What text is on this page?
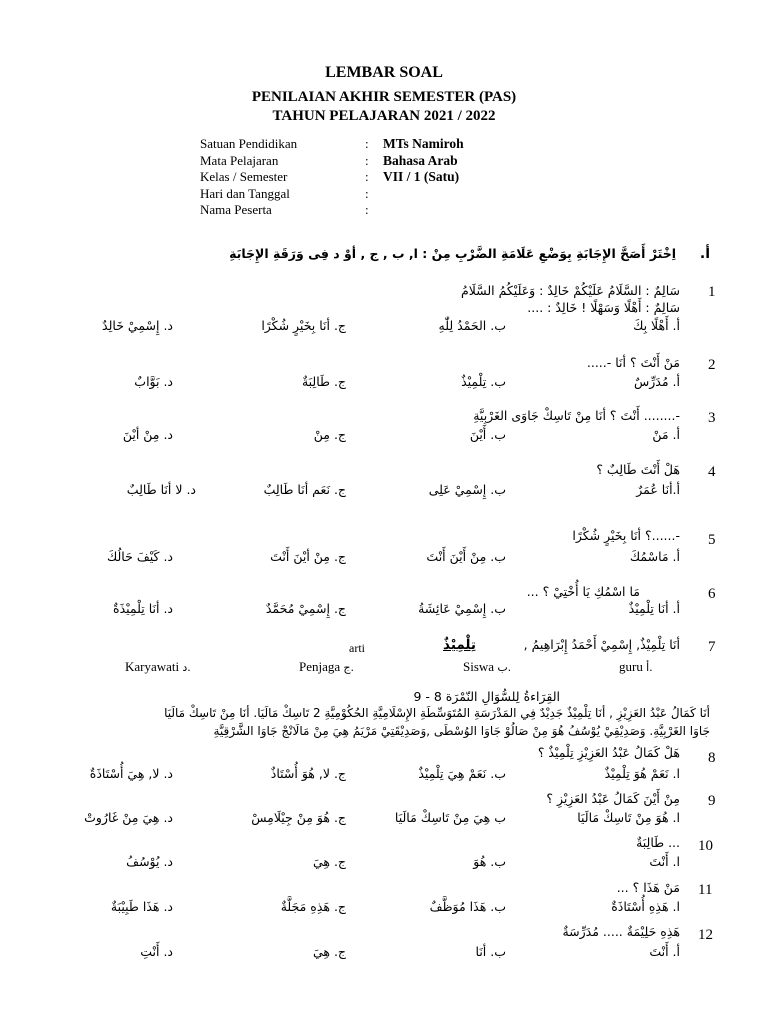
LEMBAR SOAL
PENILAIAN AKHIR SEMESTER (PAS)
TAHUN PELAJARAN 2021 / 2022
Satuan Pendidikan	:	MTs Namiroh
Mata Pelajaran	:	Bahasa Arab
Kelas / Semester	:	VII / 1 (Satu)
Hari dan Tanggal	:
Nama Peserta	:
أ.
اِخْتَرْ أَصَحَّ الإِجَابَةِ بِوَضْعِ عَلَامَةِ الضَّرْبِ مِنْ : ا, ب , ج , أوْ د فِى وَرَقَةِ الإِجَابَةِ
1
سَالِمٌ : السَّلَامُ عَلَيْكُمْ خَالِدٌ : وَعَلَيْكُمُ السَّلَامُ
سَالِمٌ : أَهْلًا وَسَهْلًا ! خَالِدٌ : ....
أ. أَهْلًا بِكَ
ب. الحَمْدُ لِلّٰهِ
ج. أنَا بِخَيْرٍ شُكْرًا
د. إِسْمِيْ خَالِدٌ
2
مَنْ أَنْتَ ؟ أنَا -.....
أ. مُدَرِّسٌ
ب. تِلْمِيْذٌ
ج. طَالِبَةٌ
د. بَوَّابٌ
3
-........ أَنْتَ ؟ أنَا مِنْ تَاسِكْ جَاوَى الغَرْبِيَّةِ
أ. مَنْ
ب. أَيْنَ
ج. مِنْ
د. مِنْ أيْنَ
4
هَلْ أَنْتَ طَالِبٌ ؟
أ.أنَا عُمَرٌ
ب. إِسْمِيْ عَلِى
ج. نَعَم أنَا طَالِبٌ
د. لا أنَا طَالِبٌ
5
-......؟ أنَا بِخَيْرٍ شُكْرًا
أ. مَاسْمُكَ
ب. مِنْ أَيْنَ أَنْتَ
ج. مِنْ أيْنَ أَنْتَ
د. كَيْفَ حَالُكَ
6
مَا اسْمُكِ يَا أُخْتِيْ ؟ ...
أ. أنَا تِلْمِيْذٌ
ب. إِسْمِيْ عَائِشَةُ
ج. إِسْمِيْ مُحَمَّدٌ
د. أنَا تِلْمِيْذَةٌ
7
أنَا تِلْمِيْذٌ, إِسْمِيْ أَحْمَدُ إِبْرَاهِيمُ ,
تِلْمِيْذٌ
arti
guru أ.
Siswa ب.
Penjaga ج.
Karyawati د.
القِرَاءةُ لِلسُّوَالِ النّمْرَة 8 - 9
أنَا كَمَالُ عَبْدُ العَزِيْزِ , أنَا تِلْمِيْذٌ جَدِيْدٌ فِي المَدْرَسَةِ المُتَوَسِّطَةِ الإِسْلَامِيَّةِ الحُكُوْمِيَّةِ 2 تَاسِكْ مَالَيَا. أنَا مِنْ تَاسِكْ مَالَيَا
جَاوَا الغَرْبِيَّةِ. وَصَدِيْقِيْ يُوْسُفُ هُوَ مِنْ صَالُوْ جَاوَا الوُسْطَى ,وَصَدِيْقَتِيْ مَرْيَمُ هِيَ مِنْ مَالَانْجْ جَاوَا الشَّرْقِيَّةِ
8
هَلْ كَمَالُ عَبْدُ العَزِيْزِ تِلْمِيْذٌ ؟
ا. نَعَمْ هُوَ تِلْمِيْذٌ
ب. نَعَمْ هِيَ تِلْمِيْذٌ
ج. لا, هُوَ أُسْتَاذٌ
د. لا, هِيَ أُسْتَاذَةٌ
9
مِنْ أَيْنَ كَمَالُ عَبْدُ العَزِيْزِ ؟
ا. هُوَ مِنْ تَاسِكْ مَالَيَا
ب هِيَ مِنْ تَاسِكْ مَالَيَا
ج. هُوَ مِنْ جِيْلَامِسْ
د. هِيَ مِنْ غَارُوتْ
10
... طَالِبَةٌ
ا. أَنْتَ
ب. هُوَ
ج. هِيَ
د. يُوْسُفُ
11
مَنْ هَذَا ؟ ...
ا. هَذِهِ أُسْتَاذَةٌ
ب. هَذَا مُوَظَّفٌ
ج. هَذِهِ مَجَلَّةٌ
د. هَذَا طَبِيْبَةٌ
12
هَذِهِ حَلِيْمَةٌ ..... مُدَرِّسَةٌ
أ. أَنْتَ
ب. أنَا
ج. هِيَ
د. أَنْتِ
